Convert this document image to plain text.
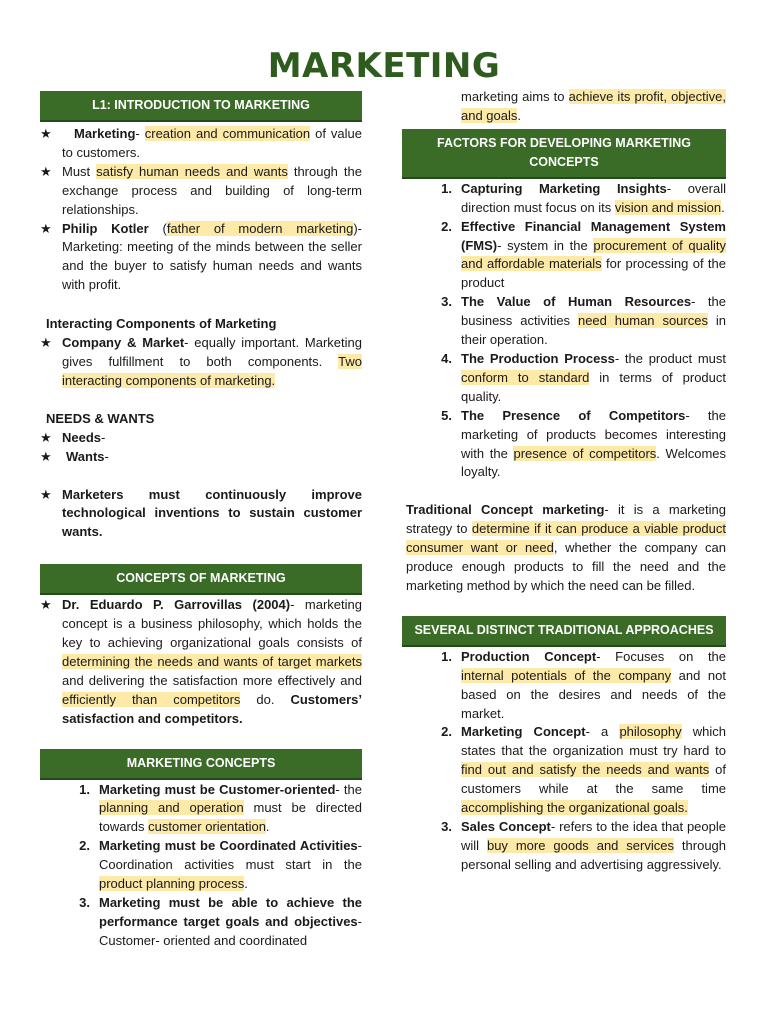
MARKETING
L1: INTRODUCTION TO MARKETING
★	Marketing- creation and communication of value to customers.
★ Must satisfy human needs and wants through the exchange process and building of long-term relationships.
★ Philip Kotler (father of modern marketing)- Marketing: meeting of the minds between the seller and the buyer to satisfy human needs and wants with profit.
Interacting Components of Marketing
★ Company & Market- equally important. Marketing gives fulfillment to both components. Two interacting components of marketing.
NEEDS & WANTS
★ Needs-
★	Wants-
★ Marketers must continuously improve technological inventions to sustain customer wants.
CONCEPTS OF MARKETING
★ Dr. Eduardo P. Garrovillas (2004)- marketing concept is a business philosophy, which holds the key to achieving organizational goals consists of determining the needs and wants of target markets and delivering the satisfaction more effectively and efficiently than competitors do. Customers’ satisfaction and competitors.
MARKETING CONCEPTS
1. Marketing must be Customer-oriented- the planning and operation must be directed towards customer orientation.
2. Marketing must be Coordinated Activities- Coordination activities must start in the product planning process.
3. Marketing must be able to achieve the performance target goals and objectives- Customer- oriented and coordinated
marketing aims to achieve its profit, objective, and goals.
FACTORS FOR DEVELOPING MARKETING CONCEPTS
1. Capturing Marketing Insights- overall direction must focus on its vision and mission.
2. Effective Financial Management System (FMS)- system in the procurement of quality and affordable materials for processing of the product
3. The Value of Human Resources- the business activities need human sources in their operation.
4. The Production Process- the product must conform to standard in terms of product quality.
5. The Presence of Competitors- the marketing of products becomes interesting with the presence of competitors. Welcomes loyalty.
Traditional Concept marketing- it is a marketing strategy to determine if it can produce a viable product consumer want or need, whether the company can produce enough products to fill the need and the marketing method by which the need can be filled.
SEVERAL DISTINCT TRADITIONAL APPROACHES
1. Production Concept- Focuses on the internal potentials of the company and not based on the desires and needs of the market.
2. Marketing Concept- a philosophy which states that the organization must try hard to find out and satisfy the needs and wants of customers while at the same time accomplishing the organizational goals.
3. Sales Concept- refers to the idea that people will buy more goods and services through personal selling and advertising aggressively.
